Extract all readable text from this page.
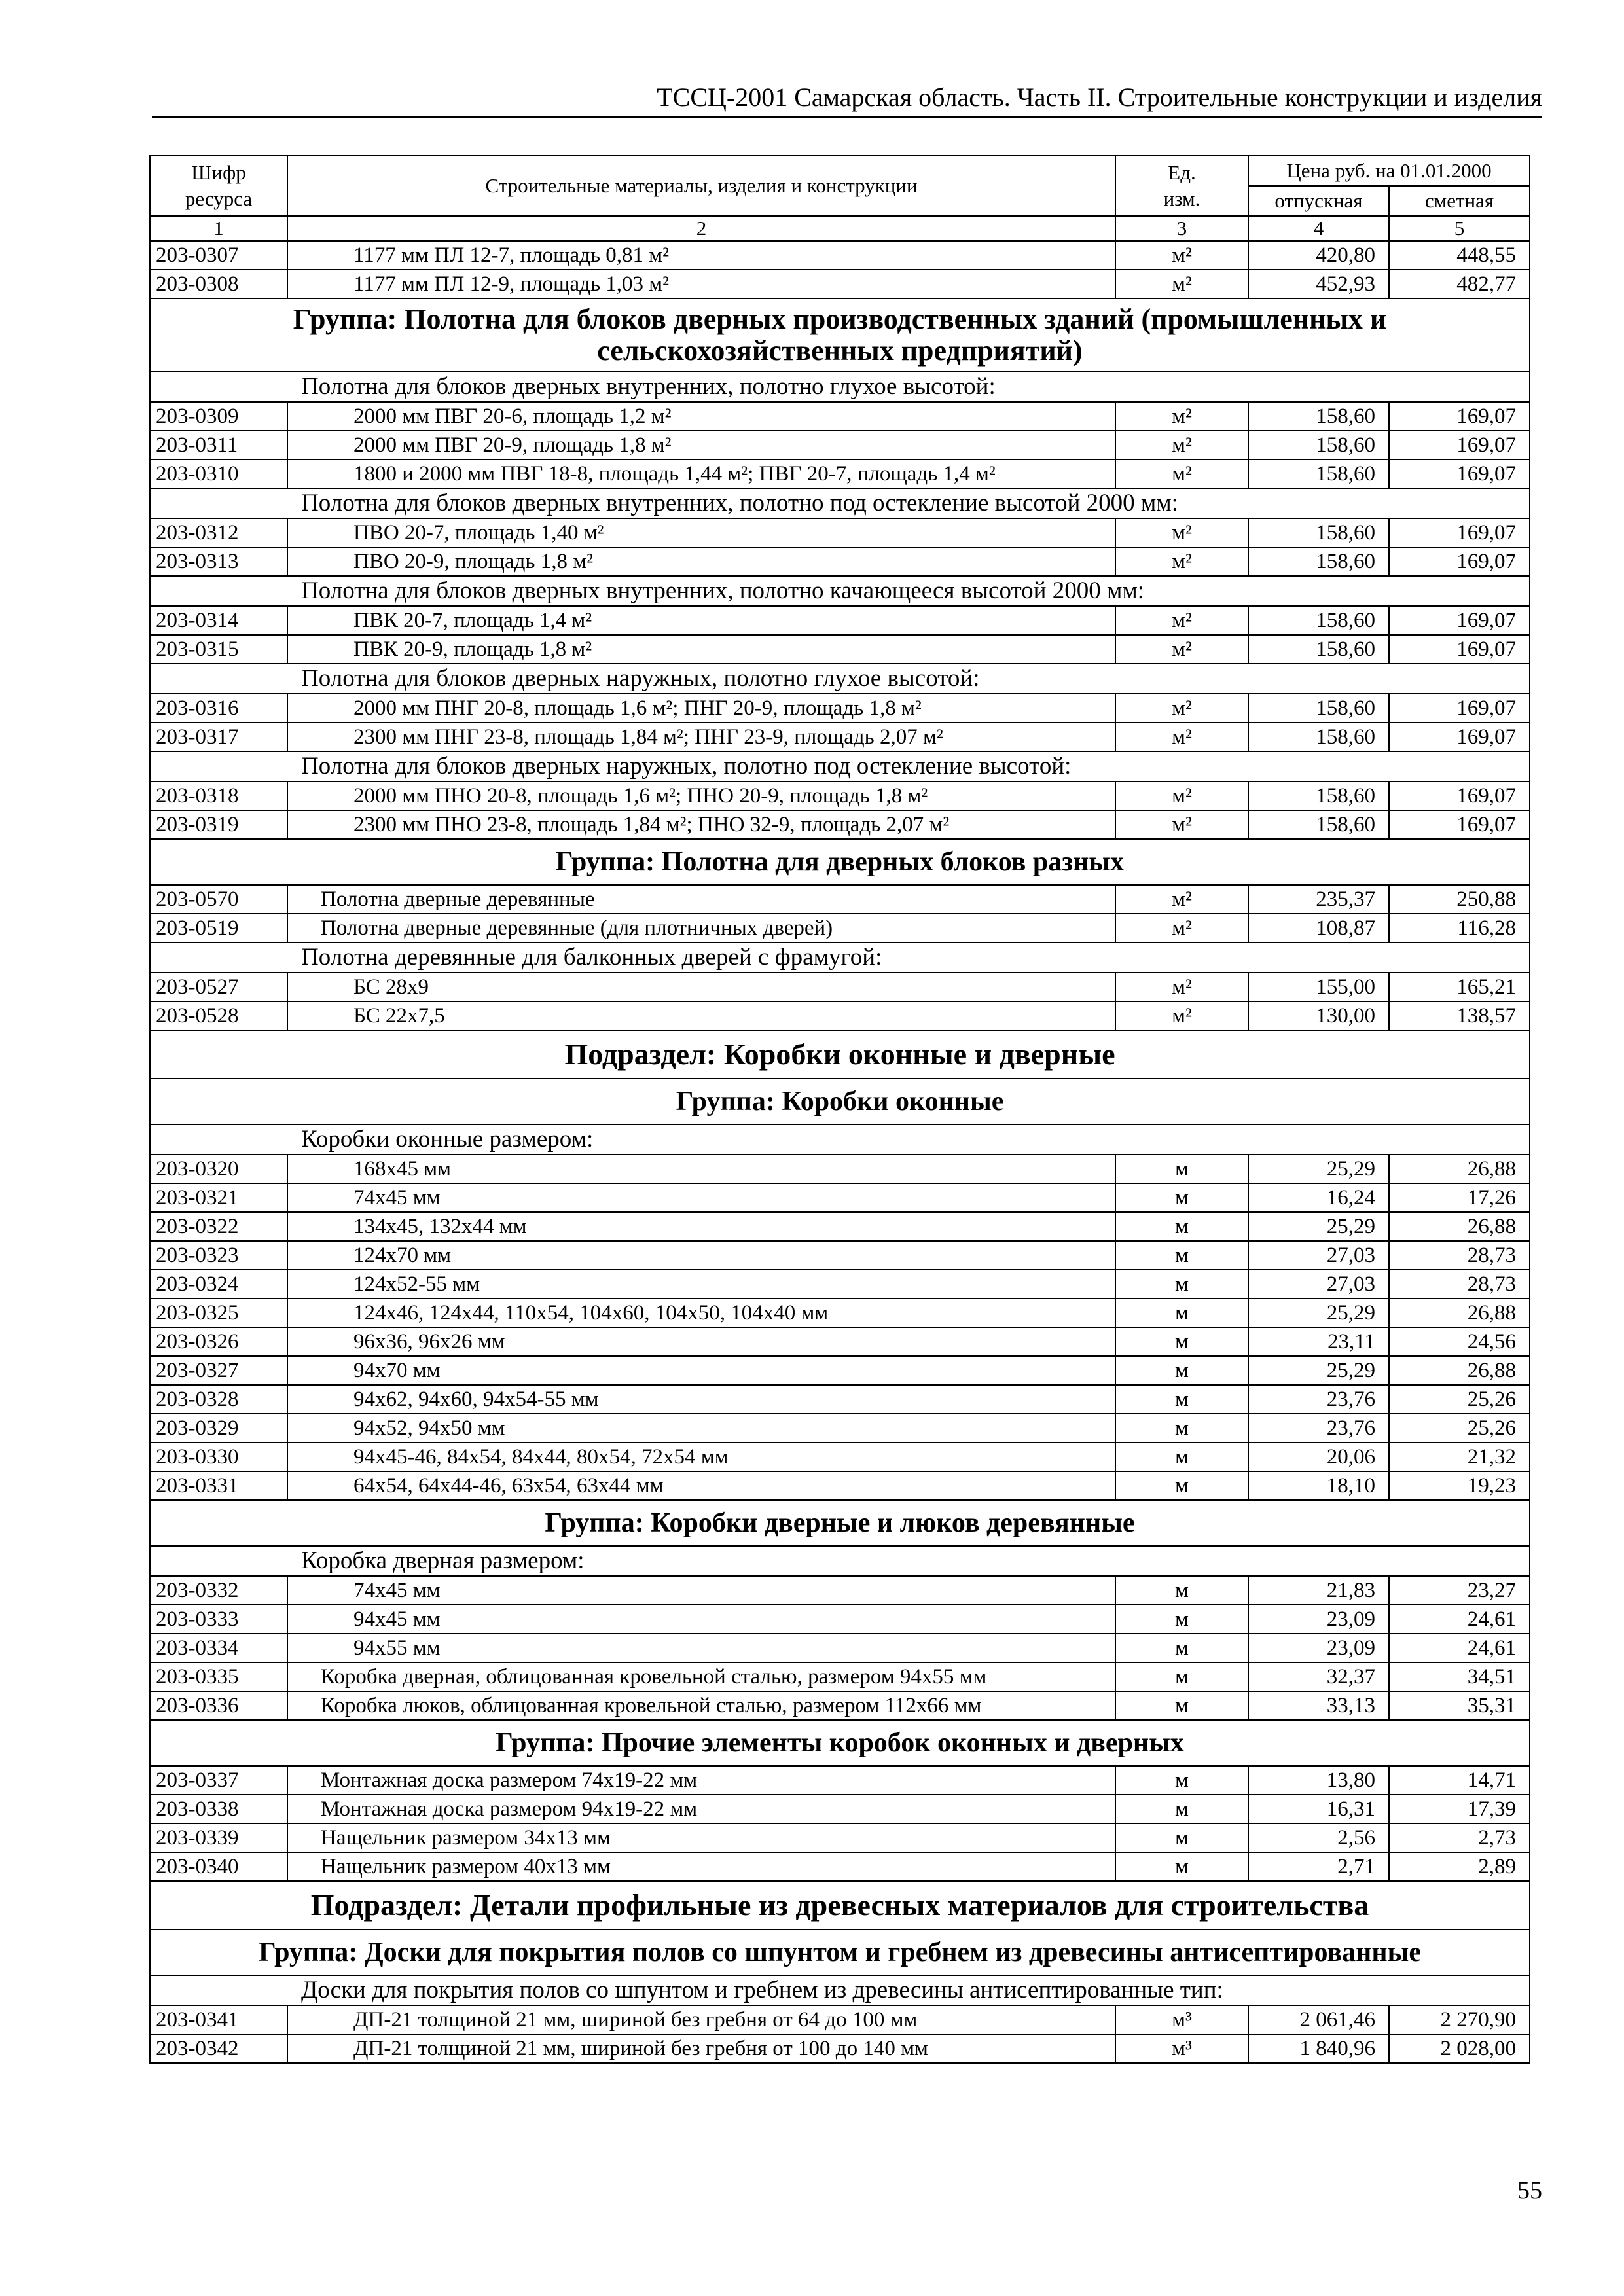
ТССЦ-2001 Самарская область. Часть II. Строительные конструкции и изделия
Шифр ресурса	Строительные материалы, изделия и конструкции	Ед. изм.	Цена руб. на 01.01.2000	
			отпускная	сметная
1	2	3	4	5
203-0307	1177 мм ПЛ 12-7, площадь 0,81 м²	м²	420,80	448,55
203-0308	1177 мм ПЛ 12-9, площадь 1,03 м²	м²	452,93	482,77
Группа: Полотна для блоков дверных производственных зданий (промышленных и сельскохозяйственных предприятий)				
Полотна для блоков дверных внутренних, полотно глухое высотой:				
203-0309	2000 мм ПВГ 20-6, площадь 1,2 м²	м²	158,60	169,07
203-0311	2000 мм ПВГ 20-9, площадь 1,8 м²	м²	158,60	169,07
203-0310	1800 и 2000 мм ПВГ 18-8, площадь 1,44 м²; ПВГ 20-7, площадь 1,4 м²	м²	158,60	169,07
Полотна для блоков дверных внутренних, полотно под остекление высотой 2000 мм:				
203-0312	ПВО 20-7, площадь 1,40 м²	м²	158,60	169,07
203-0313	ПВО 20-9, площадь 1,8 м²	м²	158,60	169,07
Полотна для блоков дверных внутренних, полотно качающееся высотой 2000 мм:				
203-0314	ПВК 20-7, площадь 1,4 м²	м²	158,60	169,07
203-0315	ПВК 20-9, площадь 1,8 м²	м²	158,60	169,07
Полотна для блоков дверных наружных, полотно глухое высотой:				
203-0316	2000 мм ПНГ 20-8, площадь 1,6 м²; ПНГ 20-9, площадь 1,8 м²	м²	158,60	169,07
203-0317	2300 мм ПНГ 23-8, площадь 1,84 м²; ПНГ 23-9, площадь 2,07 м²	м²	158,60	169,07
Полотна для блоков дверных наружных, полотно под остекление высотой:				
203-0318	2000 мм ПНО 20-8, площадь 1,6 м²; ПНО 20-9, площадь 1,8 м²	м²	158,60	169,07
203-0319	2300 мм ПНО 23-8, площадь 1,84 м²; ПНО 32-9, площадь 2,07 м²	м²	158,60	169,07
Группа: Полотна для дверных блоков разных				
203-0570	Полотна дверные деревянные	м²	235,37	250,88
203-0519	Полотна дверные деревянные (для плотничных дверей)	м²	108,87	116,28
Полотна деревянные для балконных дверей с фрамугой:				
203-0527	БС 28x9	м²	155,00	165,21
203-0528	БС 22x7,5	м²	130,00	138,57
Подраздел: Коробки оконные и дверные				
Группа: Коробки оконные				
Коробки оконные размером:				
203-0320	168x45 мм	м	25,29	26,88
203-0321	74x45 мм	м	16,24	17,26
203-0322	134x45, 132x44 мм	м	25,29	26,88
203-0323	124x70 мм	м	27,03	28,73
203-0324	124x52-55 мм	м	27,03	28,73
203-0325	124x46, 124x44, 110x54, 104x60, 104x50, 104x40 мм	м	25,29	26,88
203-0326	96x36, 96x26 мм	м	23,11	24,56
203-0327	94x70 мм	м	25,29	26,88
203-0328	94x62, 94x60, 94x54-55 мм	м	23,76	25,26
203-0329	94x52, 94x50 мм	м	23,76	25,26
203-0330	94x45-46, 84x54, 84x44, 80x54, 72x54 мм	м	20,06	21,32
203-0331	64x54, 64x44-46, 63x54, 63x44 мм	м	18,10	19,23
Группа: Коробки дверные и люков деревянные				
Коробка дверная размером:				
203-0332	74x45 мм	м	21,83	23,27
203-0333	94x45 мм	м	23,09	24,61
203-0334	94x55 мм	м	23,09	24,61
203-0335	Коробка дверная, облицованная кровельной сталью, размером 94x55 мм	м	32,37	34,51
203-0336	Коробка люков, облицованная кровельной сталью, размером 112x66 мм	м	33,13	35,31
Группа: Прочие элементы коробок оконных и дверных				
203-0337	Монтажная доска размером 74x19-22 мм	м	13,80	14,71
203-0338	Монтажная доска размером 94x19-22 мм	м	16,31	17,39
203-0339	Нащельник размером 34x13 мм	м	2,56	2,73
203-0340	Нащельник размером 40x13 мм	м	2,71	2,89
Подраздел: Детали профильные из древесных материалов для строительства				
Группа: Доски для покрытия полов со шпунтом и гребнем из древесины антисептированные				
Доски для покрытия полов со шпунтом и гребнем из древесины антисептированные тип:				
203-0341	ДП-21 толщиной 21 мм, шириной без гребня от 64 до 100 мм	м³	2 061,46	2 270,90
203-0342	ДП-21 толщиной 21 мм, шириной без гребня от 100 до 140 мм	м³	1 840,96	2 028,00
55
